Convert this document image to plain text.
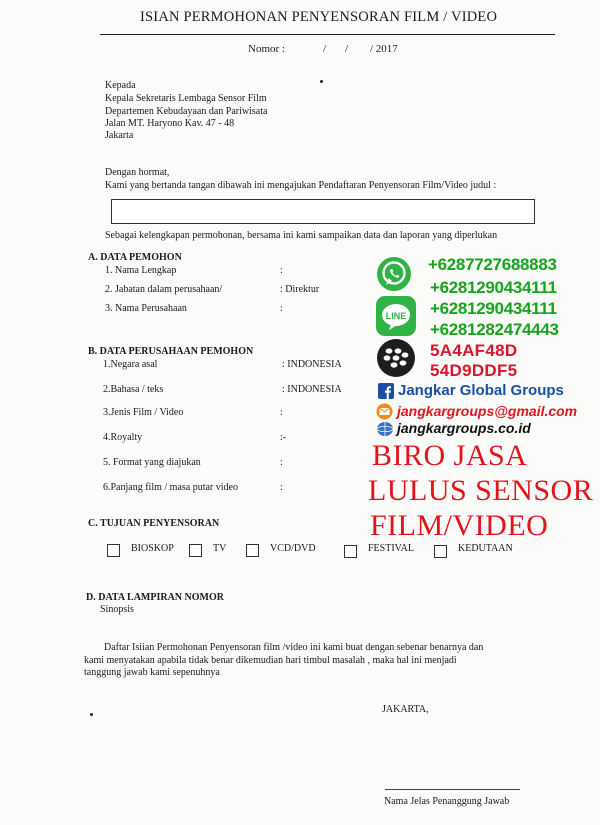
ISIAN PERMOHONAN PENYENSORAN FILM / VIDEO
Nomor :	/ / / 2017
Kepada
Kepala Sekretaris Lembaga Sensor Film
Departemen Kebudayaan dan Pariwisata
Jalan MT. Haryono Kav. 47 - 48
Jakarta
Dengan hormat,
Kami yang bertanda tangan dibawah ini mengajukan Pendaftaran Penyensoran Film/Video judul :
Sebagai kelengkapan permohonan, bersama ini kami sampaikan data dan laporan yang diperlukan
A. DATA PEMOHON
1. Nama Lengkap	:
2. Jabatan dalam perusahaan/	: Direktur
3. Nama Perusahaan	:
B. DATA PERUSAHAAN PEMOHON
1.Negara asal	: INDONESIA
2.Bahasa / teks	: INDONESIA
3.Jenis Film / Video	:
4.Royalty	:-
5. Format yang diajukan	:
6.Panjang film / masa putar video	:
C. TUJUAN PENYENSORAN
BIOSKOP	TV	VCD/DVD	FESTIVAL	KEDUTAAN
D. DATA LAMPIRAN NOMOR
Sinopsis
Daftar Isiian Permohonan Penyensoran film /video ini kami buat dengan sebenar benarnya dan
kami menyatakan apabila tidak benar dikemudian hari timbul masalah , maka hal ini menjadi
tanggung jawab kami sepenuhnya
JAKARTA,
Nama Jelas Penanggung Jawab
+6287727688883
LINE
+6281290434111
+6281290434111
+6281282474443
5A4AF48D
54D9DDF5
Jangkar Global Groups
jangkargroups@gmail.com
jangkargroups.co.id
BIRO JASA
LULUS SENSOR
FILM/VIDEO
